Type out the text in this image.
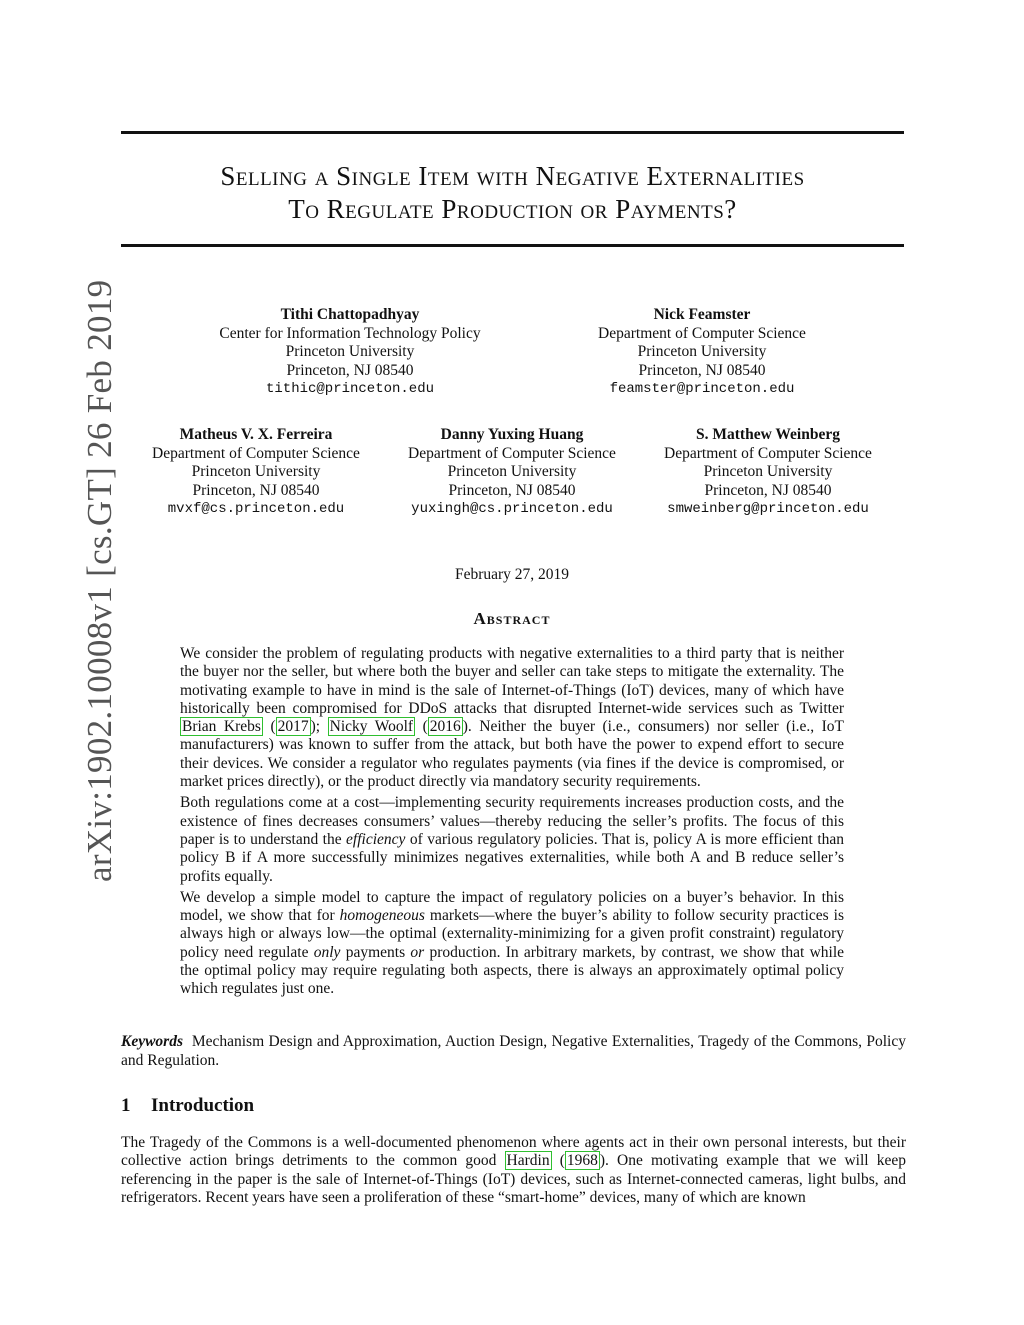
arXiv:1902.10008v1 [cs.GT] 26 Feb 2019
Selling a Single Item with Negative Externalities
To Regulate Production or Payments?
Tithi Chattopadhyay
Center for Information Technology Policy
Princeton University
Princeton, NJ 08540
tithic@princeton.edu
Nick Feamster
Department of Computer Science
Princeton University
Princeton, NJ 08540
feamster@princeton.edu
Matheus V. X. Ferreira
Department of Computer Science
Princeton University
Princeton, NJ 08540
mvxf@cs.princeton.edu
Danny Yuxing Huang
Department of Computer Science
Princeton University
Princeton, NJ 08540
yuxingh@cs.princeton.edu
S. Matthew Weinberg
Department of Computer Science
Princeton University
Princeton, NJ 08540
smweinberg@princeton.edu
February 27, 2019
Abstract

We consider the problem of regulating products with negative externalities to a third party that is neither the buyer nor the seller, but where both the buyer and seller can take steps to mitigate the externality. The motivating example to have in mind is the sale of Internet-of-Things (IoT) devices, many of which have historically been compromised for DDoS attacks that disrupted Internet-wide services such as Twitter Brian Krebs ( 2017 ); Nicky Woolf ( 2016 ). Neither the buyer (i.e., consumers) nor seller (i.e., IoT manufacturers) was known to suffer from the attack, but both have the power to expend effort to secure their devices. We consider a regulator who regulates payments (via fines if the device is compromised, or market prices directly), or the product directly via mandatory security requirements.

Both regulations come at a cost—implementing security requirements increases production costs, and the existence of fines decreases consumers’ values—thereby reducing the seller’s profits. The focus of this paper is to understand the efficiency of various regulatory policies. That is, policy A is more efficient than policy B if A more successfully minimizes negatives externalities, while both A and B reduce seller’s profits equally.

We develop a simple model to capture the impact of regulatory policies on a buyer’s behavior. In this model, we show that for homogeneous markets—where the buyer’s ability to follow security practices is always high or always low—the optimal (externality-minimizing for a given profit constraint) regulatory policy need regulate only payments or production. In arbitrary markets, by contrast, we show that while the optimal policy may require regulating both aspects, there is always an approximately optimal policy which regulates just one.

Keywords Mechanism Design and Approximation, Auction Design, Negative Externalities, Tragedy of the Commons, Policy and Regulation.
1 Introduction

The Tragedy of the Commons is a well-documented phenomenon where agents act in their own personal interests, but their collective action brings detriments to the common good Hardin ( 1968 ). One motivating example that we will keep referencing in the paper is the sale of Internet-of-Things (IoT) devices, such as Internet-connected cameras, light bulbs, and refrigerators. Recent years have seen a proliferation of these “smart-home” devices, many of which are known
